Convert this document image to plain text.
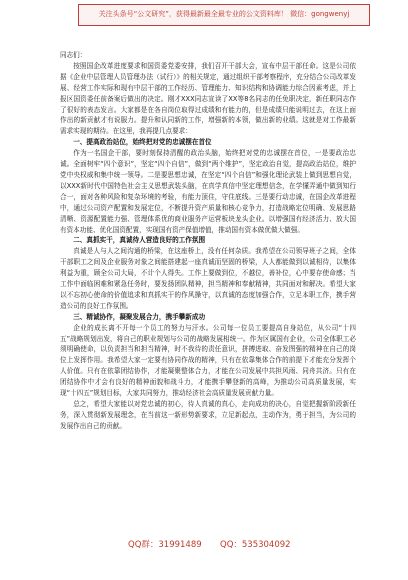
关注头条号“公文研究”，获得最新最全最专业的公文资料库！ 微信：gongwenyj

同志们：

按照国企改革进度要求和国资委党委安排，我们召开干部大会，宣布中层干部任命。这是公司依据《企业中层管理人员管理办法（试行）》的相关规定，通过组织干部考察程序，充分结合公司改革发展、经营工作实际和现有中层干部的工作经历、管理能力、知识结构和协调能力综合因素考虑，并上报区国资委任前备案后做出的决定。刚才XXX同志宣读了XX等8名同志的任免职决定，新任职同志作了很好的表态发言。大家都是在各自岗位取得过成绩和有能力的，但是成绩只能说明过去，在这上面作出的新贡献才有说服力。提升和认同新的工作，增强新的本领，做出新的业绩。这就是对工作最新需求实现的期待。在这里，我再提几点要求：

一、提高政治站位，始终把对党的忠诚摆在首位

作为一名国企干部，要时刻保持清醒的政治头脑，始终把对党的忠诚摆在首位，一是要政治忠诚。全面树牢“四个意识”，坚定“四个自信”，做到“两个维护”，坚定政治自觉，提高政治站位，维护党中央权威和集中统一领导。二是要思想忠诚，在坚定“四个自信”和强化理论武装上做到思想自觉，以XXX新时代中国特色社会主义思想武装头脑，在真学真信中坚定理想信念，在学懂弄通中做到知行合一，面对各种风险和复杂环境的考验，有能力顶住，守住底线。三是要行动忠诚，在国企改革进程中，通过公司资产配置和发展定位，不断提升资产质量和核心竞争力，打造战略定位明确、发展思路清晰、资源配置能力强、管理体系优的商业服务产运营板块龙头企业。以增强国有经济活力、放大国有资本功能、优化国资配置，实现国有资产保值增值，推动国有资本做优做大做强。

二、真抓实干，真诚待人营造良好的工作氛围

真诚是人与人之间沟通的桥梁，在这座桥上，没有任何杂质。我希望在公司领导班子之间，全体干部职工之间及企业服务对象之间能搭建起一座真诚而坚固的桥梁，人人都能做到以诚相待，以集体利益为重，顾全公司大局，不计个人得失。工作上要做到位，不越位，善补位，心中要存使命感；当工作中面临困难和紧急任务时，要发扬团队精神，担当精神和奉献精神，共同面对和解决。希望大家以不忘初心使命的价值追求和真抓实干的作风操守，以真诚的态度加强合作，立足本职工作，携手营造公司的良好工作氛围。

三、精诚协作，凝聚发展合力，携手攀新成功

企业的成长离不开每一个员工的努力与汗水。公司每一位员工要提高自身站位，从公司“十四五”战略规划出发，将自己的职业规划与公司的战略发展相统一。作为区属国有企业，公司全体职工必须明确使命，以负责担当和担当精神，时不我待的责任意识，拼搏进取、奋发图强的精神在自己的岗位上发挥作用。我希望大家一定要有协同作战的精神，只有在依靠集体合作的前提下才能充分发挥个人价值。只有在依靠团结协作，才能凝聚整体合力，才能在公司发展中共担风雨、同舟共济。只有在团结协作中才会有良好的精神面貌和战斗力，才能携手攀登新的高峰，为推动公司高质量发展，实现“十四五”规划目标，大家共同努力，推动经济社会高质量发展贡献力量。

总之，希望大家能以对党忠诚的初心，待人真诚的真心，走向成功的决心，自觉把握新阶段新任务，深入贯彻新发展理念，在当前这一新形势新要求，立足新起点，主动作为，勇于担当，为公司的发展作出自己的贡献。

QQ群：31991489 QQ：535304092
